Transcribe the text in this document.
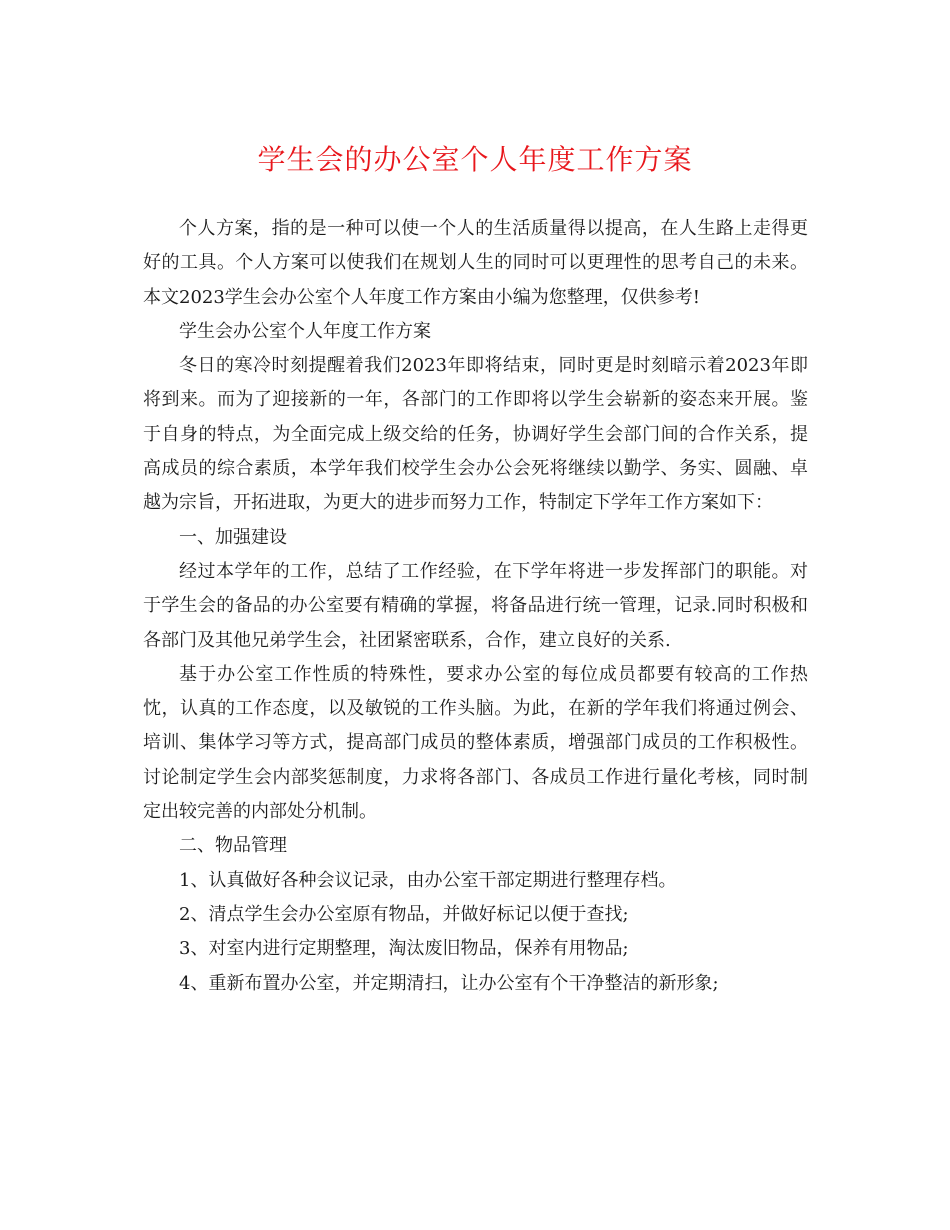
学生会的办公室个人年度工作方案

个人方案，指的是一种可以使一个人的生活质量得以提高，在人生路上走得更好的工具。个人方案可以使我们在规划人生的同时可以更理性的思考自己的未来。本文2023学生会办公室个人年度工作方案由小编为您整理，仅供参考!

学生会办公室个人年度工作方案

冬日的寒冷时刻提醒着我们2023年即将结束，同时更是时刻暗示着2023年即将到来。而为了迎接新的一年，各部门的工作即将以学生会崭新的姿态来开展。鉴于自身的特点，为全面完成上级交给的任务，协调好学生会部门间的合作关系，提高成员的综合素质，本学年我们校学生会办公会死将继续以勤学、务实、圆融、卓越为宗旨，开拓进取，为更大的进步而努力工作，特制定下学年工作方案如下：

一、加强建设

经过本学年的工作，总结了工作经验，在下学年将进一步发挥部门的职能。对于学生会的备品的办公室要有精确的掌握，将备品进行统一管理，记录.同时积极和各部门及其他兄弟学生会，社团紧密联系，合作，建立良好的关系.

基于办公室工作性质的特殊性，要求办公室的每位成员都要有较高的工作热忱，认真的工作态度，以及敏锐的工作头脑。为此，在新的学年我们将通过例会、培训、集体学习等方式，提高部门成员的整体素质，增强部门成员的工作积极性。讨论制定学生会内部奖惩制度，力求将各部门、各成员工作进行量化考核，同时制定出较完善的内部处分机制。

二、物品管理

1、认真做好各种会议记录，由办公室干部定期进行整理存档。

2、清点学生会办公室原有物品，并做好标记以便于查找;

3、对室内进行定期整理，淘汰废旧物品，保养有用物品;

4、重新布置办公室，并定期清扫，让办公室有个干净整洁的新形象;
